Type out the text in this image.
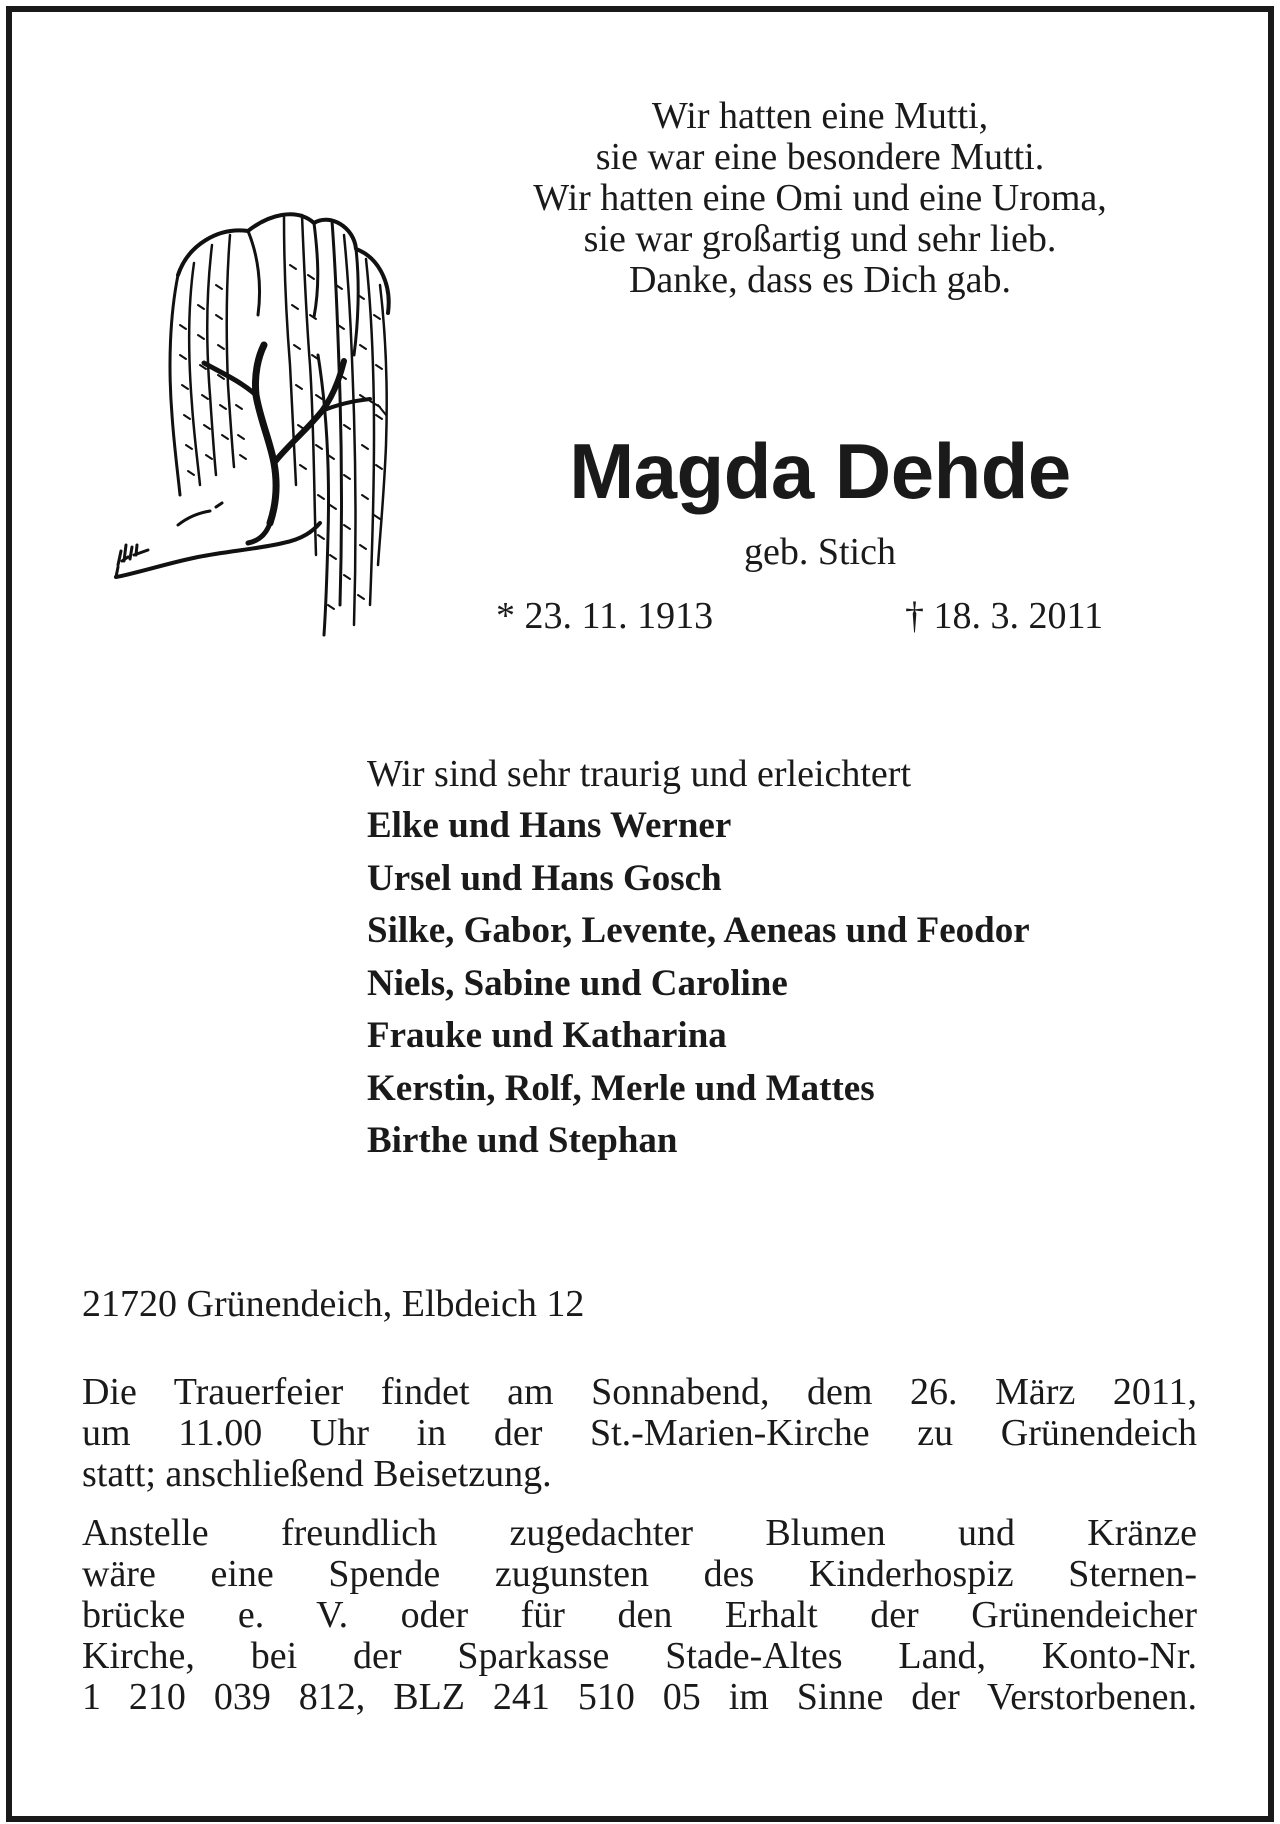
Wir hatten eine Mutti,
sie war eine besondere Mutti.
Wir hatten eine Omi und eine Uroma,
sie war großartig und sehr lieb.
Danke, dass es Dich gab.
Magda Dehde
geb. Stich
* 23. 11. 1913	† 18. 3. 2011
Wir sind sehr traurig und erleichtert
Elke und Hans Werner
Ursel und Hans Gosch
Silke, Gabor, Levente, Aeneas und Feodor
Niels, Sabine und Caroline
Frauke und Katharina
Kerstin, Rolf, Merle und Mattes
Birthe und Stephan
21720 Grünendeich, Elbdeich 12
Die Trauerfeier findet am Sonnabend, dem 26. März 2011,
um 11.00 Uhr in der St.-Marien-Kirche zu Grünendeich
statt; anschließend Beisetzung.
Anstelle freundlich zugedachter Blumen und Kränze
wäre eine Spende zugunsten des Kinderhospiz Sternen-
brücke e. V. oder für den Erhalt der Grünendeicher
Kirche, bei der Sparkasse Stade-Altes Land, Konto-Nr.
1 210 039 812, BLZ 241 510 05 im Sinne der Verstorbenen.
